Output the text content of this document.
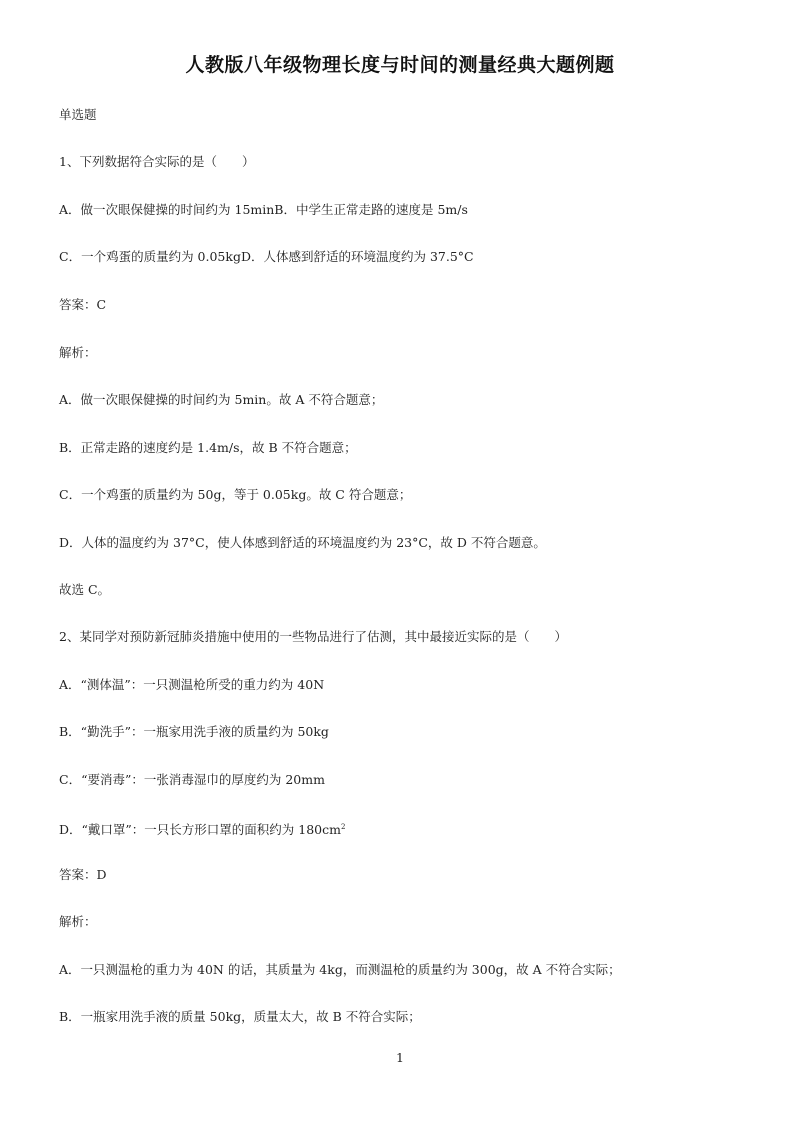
人教版八年级物理长度与时间的测量经典大题例题
单选题
1、下列数据符合实际的是（　　）
A．做一次眼保健操的时间约为 15minB．中学生正常走路的速度是 5m/s
C．一个鸡蛋的质量约为 0.05kgD．人体感到舒适的环境温度约为 37.5°C
答案：C
解析：
A．做一次眼保健操的时间约为 5min。故 A 不符合题意；
B．正常走路的速度约是 1.4m/s，故 B 不符合题意；
C．一个鸡蛋的质量约为 50g，等于 0.05kg。故 C 符合题意；
D．人体的温度约为 37°C，使人体感到舒适的环境温度约为 23°C，故 D 不符合题意。
故选 C。
2、某同学对预防新冠肺炎措施中使用的一些物品进行了估测，其中最接近实际的是（　　）
A．“测体温”：一只测温枪所受的重力约为 40N
B．“勤洗手”：一瓶家用洗手液的质量约为 50kg
C．“要消毒”：一张消毒湿巾的厚度约为 20mm
D．“戴口罩”：一只长方形口罩的面积约为 $180cm^2$
答案：D
解析：
A．一只测温枪的重力为 40N 的话，其质量为 4kg，而测温枪的质量约为 300g，故 A 不符合实际；
B．一瓶家用洗手液的质量 50kg，质量太大，故 B 不符合实际；
1
